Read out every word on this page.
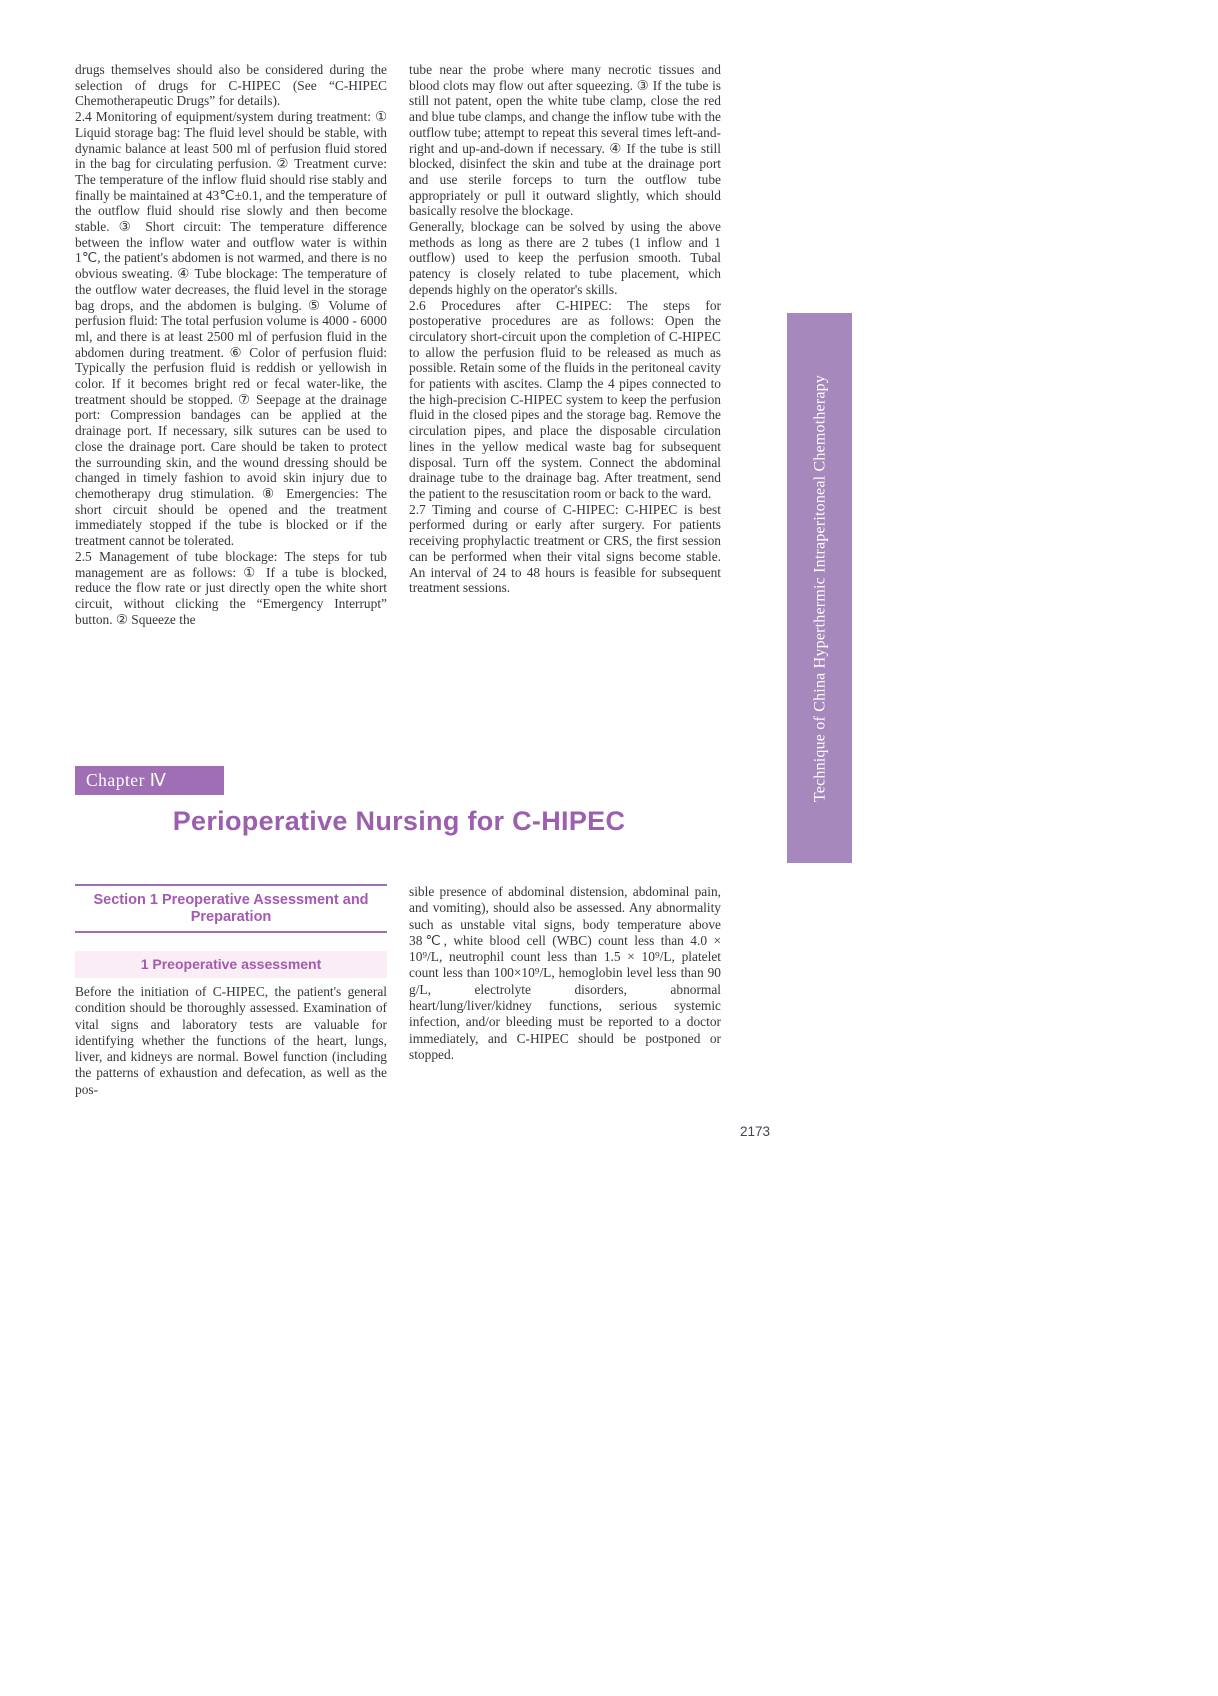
drugs themselves should also be considered during the selection of drugs for C-HIPEC (See “C-HIPEC Chemotherapeutic Drugs” for details).

2.4 Monitoring of equipment/system during treatment: ① Liquid storage bag: The fluid level should be stable, with dynamic balance at least 500 ml of perfusion fluid stored in the bag for circulating perfusion. ② Treatment curve: The temperature of the inflow fluid should rise stably and finally be maintained at 43℃±0.1, and the temperature of the outflow fluid should rise slowly and then become stable. ③ Short circuit: The temperature difference between the inflow water and outflow water is within 1℃, the patient's abdomen is not warmed, and there is no obvious sweating. ④ Tube blockage: The temperature of the outflow water decreases, the fluid level in the storage bag drops, and the abdomen is bulging. ⑤ Volume of perfusion fluid: The total perfusion volume is 4000 - 6000 ml, and there is at least 2500 ml of perfusion fluid in the abdomen during treatment. ⑥ Color of perfusion fluid: Typically the perfusion fluid is reddish or yellowish in color. If it becomes bright red or fecal water-like, the treatment should be stopped. ⑦ Seepage at the drainage port: Compression bandages can be applied at the drainage port. If necessary, silk sutures can be used to close the drainage port. Care should be taken to protect the surrounding skin, and the wound dressing should be changed in timely fashion to avoid skin injury due to chemotherapy drug stimulation. ⑧ Emergencies: The short circuit should be opened and the treatment immediately stopped if the tube is blocked or if the treatment cannot be tolerated.

2.5 Management of tube blockage: The steps for tub management are as follows: ① If a tube is blocked, reduce the flow rate or just directly open the white short circuit, without clicking the “Emergency Interrupt” button. ② Squeeze the

tube near the probe where many necrotic tissues and blood clots may flow out after squeezing. ③ If the tube is still not patent, open the white tube clamp, close the red and blue tube clamps, and change the inflow tube with the outflow tube; attempt to repeat this several times left-and-right and up-and-down if necessary. ④ If the tube is still blocked, disinfect the skin and tube at the drainage port and use sterile forceps to turn the outflow tube appropriately or pull it outward slightly, which should basically resolve the blockage.

Generally, blockage can be solved by using the above methods as long as there are 2 tubes (1 inflow and 1 outflow) used to keep the perfusion smooth. Tubal patency is closely related to tube placement, which depends highly on the operator's skills.

2.6 Procedures after C-HIPEC: The steps for postoperative procedures are as follows: Open the circulatory short-circuit upon the completion of C-HIPEC to allow the perfusion fluid to be released as much as possible. Retain some of the fluids in the peritoneal cavity for patients with ascites. Clamp the 4 pipes connected to the high-precision C-HIPEC system to keep the perfusion fluid in the closed pipes and the storage bag. Remove the circulation pipes, and place the disposable circulation lines in the yellow medical waste bag for subsequent disposal. Turn off the system. Connect the abdominal drainage tube to the drainage bag. After treatment, send the patient to the resuscitation room or back to the ward.

2.7 Timing and course of C-HIPEC: C-HIPEC is best performed during or early after surgery. For patients receiving prophylactic treatment or CRS, the first session can be performed when their vital signs become stable. An interval of 24 to 48 hours is feasible for subsequent treatment sessions.

Chapter Ⅳ
Perioperative Nursing for C-HIPEC
Section 1 Preoperative Assessment and Preparation
1 Preoperative assessment

Before the initiation of C-HIPEC, the patient's general condition should be thoroughly assessed. Examination of vital signs and laboratory tests are valuable for identifying whether the functions of the heart, lungs, liver, and kidneys are normal. Bowel function (including the patterns of exhaustion and defecation, as well as the pos-

sible presence of abdominal distension, abdominal pain, and vomiting), should also be assessed. Any abnormality such as unstable vital signs, body temperature above 38℃, white blood cell (WBC) count less than 4.0 × 10⁹/L, neutrophil count less than 1.5 × 10⁹/L, platelet count less than 100×10⁹/L, hemoglobin level less than 90 g/L, electrolyte disorders, abnormal heart/lung/liver/kidney functions, serious systemic infection, and/or bleeding must be reported to a doctor immediately, and C-HIPEC should be postponed or stopped.

Technique of China Hyperthermic Intraperitoneal Chemotherapy
2173
